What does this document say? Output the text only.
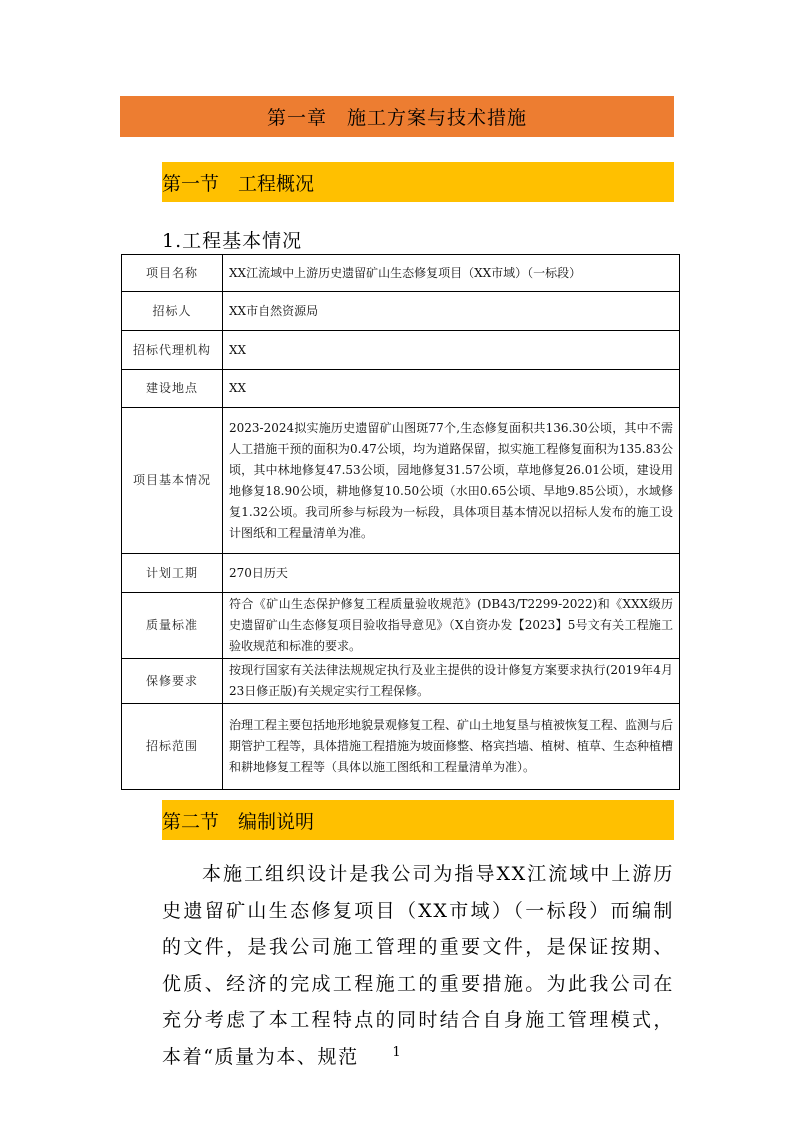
第一章　施工方案与技术措施
第一节　工程概况
1.工程基本情况
项目名称	XX江流域中上游历史遗留矿山生态修复项目（XX市域）（一标段）
招标人	XX市自然资源局
招标代理机构	XX
建设地点	XX
项目基本情况	2023-2024拟实施历史遗留矿山图斑77个,生态修复面积共136.30公顷，其中不需人工措施干预的面积为0.47公顷，均为道路保留，拟实施工程修复面积为135.83公顷，其中林地修复47.53公顷，园地修复31.57公顷，草地修复26.01公顷，建设用地修复18.90公顷，耕地修复10.50公顷（水田0.65公顷、旱地9.85公顷），水域修复1.32公顷。我司所参与标段为一标段，具体项目基本情况以招标人发布的施工设计图纸和工程量清单为准。
计划工期	270日历天
质量标准	符合《矿山生态保护修复工程质量验收规范》(DB43/T2299-2022)和《XXX级历史遗留矿山生态修复项目验收指导意见》（X自资办发【2023】5号文有关工程施工验收规范和标准的要求。
保修要求	按现行国家有关法律法规规定执行及业主提供的设计修复方案要求执行(2019年4月23日修正版)有关规定实行工程保修。
招标范围	治理工程主要包括地形地貌景观修复工程、矿山土地复垦与植被恢复工程、监测与后期管护工程等，具体措施工程措施为坡面修整、格宾挡墙、植树、植草、生态种植槽和耕地修复工程等（具体以施工图纸和工程量清单为准）。
第二节　编制说明

本施工组织设计是我公司为指导XX江流域中上游历史遗留矿山生态修复项目（XX市域）（一标段）而编制的文件，是我公司施工管理的重要文件，是保证按期、优质、经济的完成工程施工的重要措施。为此我公司在充分考虑了本工程特点的同时结合自身施工管理模式，本着“质量为本、规范	1
